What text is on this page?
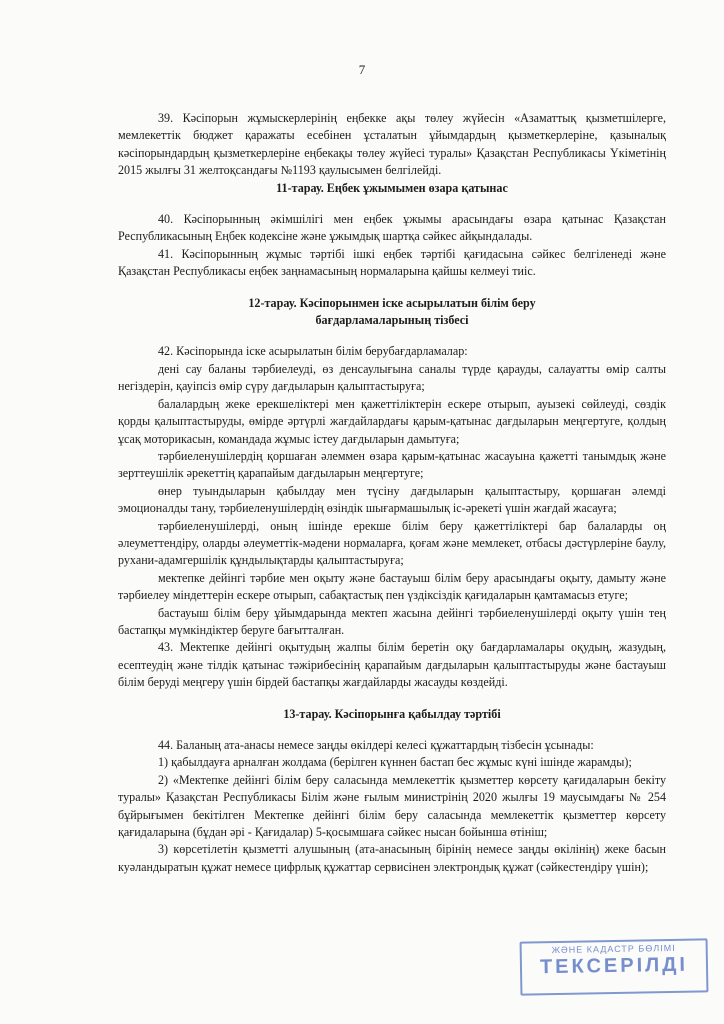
7

39. Кәсіпорын жұмыскерлерінің еңбекке ақы төлеу жүйесін «Азаматтық қызметшілерге, мемлекеттік бюджет қаражаты есебінен ұсталатын ұйымдардың қызметкерлеріне, қазыналық кәсіпорындардың қызметкерлеріне еңбекақы төлеу жүйесі туралы» Қазақстан Республикасы Үкіметінің 2015 жылғы 31 желтоқсандағы №1193 қаулысымен белгілейді.

11-тарау. Еңбек ұжымымен өзара қатынас

40. Кәсіпорынның әкімшілігі мен еңбек ұжымы арасындағы өзара қатынас Қазақстан Республикасының Еңбек кодексіне және ұжымдық шартқа сәйкес айқындалады.

41. Кәсіпорынның жұмыс тәртібі ішкі еңбек тәртібі қағидасына сәйкес белгіленеді және Қазақстан Республикасы еңбек заңнамасының нормаларына қайшы келмеуі тиіс.

12-тарау. Кәсіпорынмен іске асырылатын білім беру
бағдарламаларының тізбесі

42. Кәсіпорында іске асырылатын білім берубағдарламалар:

дені сау баланы тәрбиелеуді, өз денсаулығына саналы түрде қарауды, салауатты өмір салты негіздерін, қауіпсіз өмір сүру дағдыларын қалыптастыруға;

балалардың жеке ерекшеліктері мен қажеттіліктерін ескере отырып, ауызекі сөйлеуді, сөздік қорды қалыптастыруды, өмірде әртүрлі жағдайлардағы қарым-қатынас дағдыларын меңгертуге, қолдың ұсақ моторикасын, командада жұмыс істеу дағдыларын дамытуға;

тәрбиеленушілердің қоршаған әлеммен өзара қарым-қатынас жасауына қажетті танымдық және зерттеушілік әрекеттің қарапайым дағдыларын меңгертуге;

өнер туындыларын қабылдау мен түсіну дағдыларын қалыптастыру, қоршаған әлемді эмоционалды тану, тәрбиеленушілердің өзіндік шығармашылық іс-әрекеті үшін жағдай жасауға;

тәрбиеленушілерді, оның ішінде ерекше білім беру қажеттіліктері бар балаларды оң әлеуметтендіру, оларды әлеуметтік-мәдени нормаларға, қоғам және мемлекет, отбасы дәстүрлеріне баулу, рухани-адамгершілік құндылықтарды қалыптастыруға;

мектепке дейінгі тәрбие мен оқыту және бастауыш білім беру арасындағы оқыту, дамыту және тәрбиелеу міндеттерін ескере отырып, сабақтастық пен үздіксіздік қағидаларын қамтамасыз етуге;

бастауыш білім беру ұйымдарында мектеп жасына дейінгі тәрбиеленушілерді оқыту үшін тең бастапқы мүмкіндіктер беруге бағытталған.

43. Мектепке дейінгі оқытудың жалпы білім беретін оқу бағдарламалары оқудың, жазудың, есептеудің және тілдік қатынас тәжірибесінің қарапайым дағдыларын қалыптастыруды және бастауыш білім беруді меңгеру үшін бірдей бастапқы жағдайларды жасауды көздейді.

13-тарау. Кәсіпорынға қабылдау тәртібі

44. Баланың ата-анасы немесе заңды өкілдері келесі құжаттардың тізбесін ұсынады:

1) қабылдауға арналған жолдама (берілген күннен бастап бес жұмыс күні ішінде жарамды);

2) «Мектепке дейінгі білім беру саласында мемлекеттік қызметтер көрсету қағидаларын бекіту туралы» Қазақстан Республикасы Білім және ғылым министрінің 2020 жылғы 19 маусымдағы № 254 бұйрығымен бекітілген Мектепке дейінгі білім беру саласында мемлекеттік қызметтер көрсету қағидаларына (бұдан әрі - Қағидалар) 5-қосымшаға сәйкес нысан бойынша өтініш;

3) көрсетілетін қызметті алушының (ата-анасының бірінің немесе заңды өкілінің) жеке басын куәландыратын құжат немесе цифрлық құжаттар сервисінен электрондық құжат (сәйкестендіру үшін);

ЖӘНЕ КАДАСТР БӨЛІМІ
ТЕКСЕРІЛДІ
